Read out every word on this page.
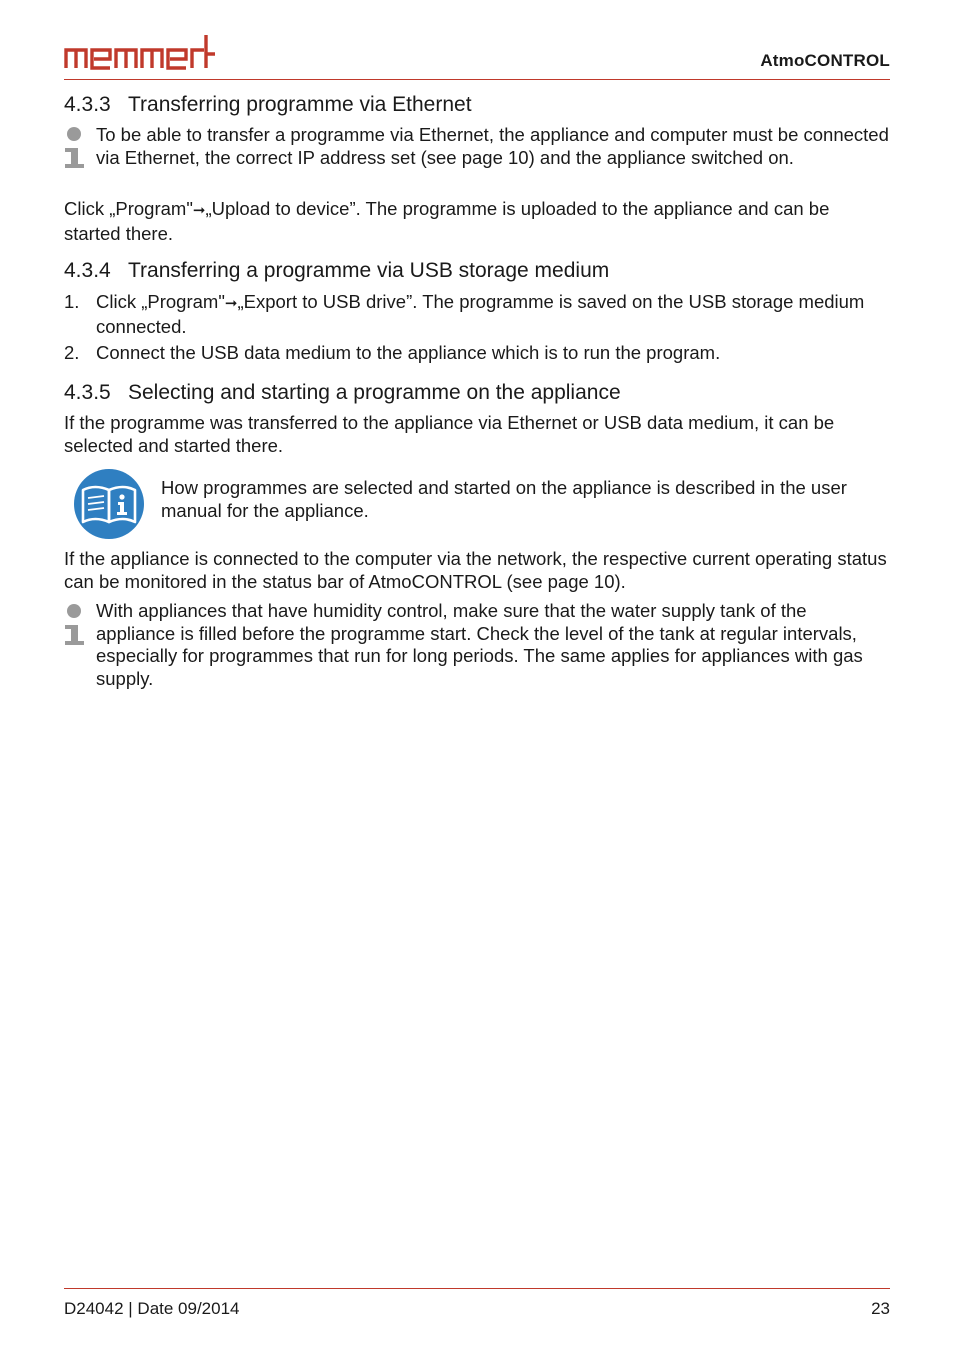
AtmoCONTROL
4.3.3 Transferring programme via Ethernet
To be able to transfer a programme via Ethernet, the appliance and computer must be connected via Ethernet, the correct IP address set (see page 10) and the appliance switched on.
Click „Program"➞„Upload to device”. The programme is uploaded to the appliance and can be started there.
4.3.4 Transferring a programme via USB storage medium
1. Click „Program"➞„Export to USB drive”. The programme is saved on the USB storage medium connected.
2. Connect the USB data medium to the appliance which is to run the program.
4.3.5 Selecting and starting a programme on the appliance
If the programme was transferred to the appliance via Ethernet or USB data medium, it can be selected and started there.
How programmes are selected and started on the appliance is described in the user manual for the appliance.
If the appliance is connected to the computer via the network, the respective current operating status can be monitored in the status bar of AtmoCONTROL (see page 10).
With appliances that have humidity control, make sure that the water supply tank of the appliance is filled before the programme start. Check the level of the tank at regular intervals, especially for programmes that run for long periods. The same applies for appliances with gas supply.
D24042 | Date 09/2014	23
